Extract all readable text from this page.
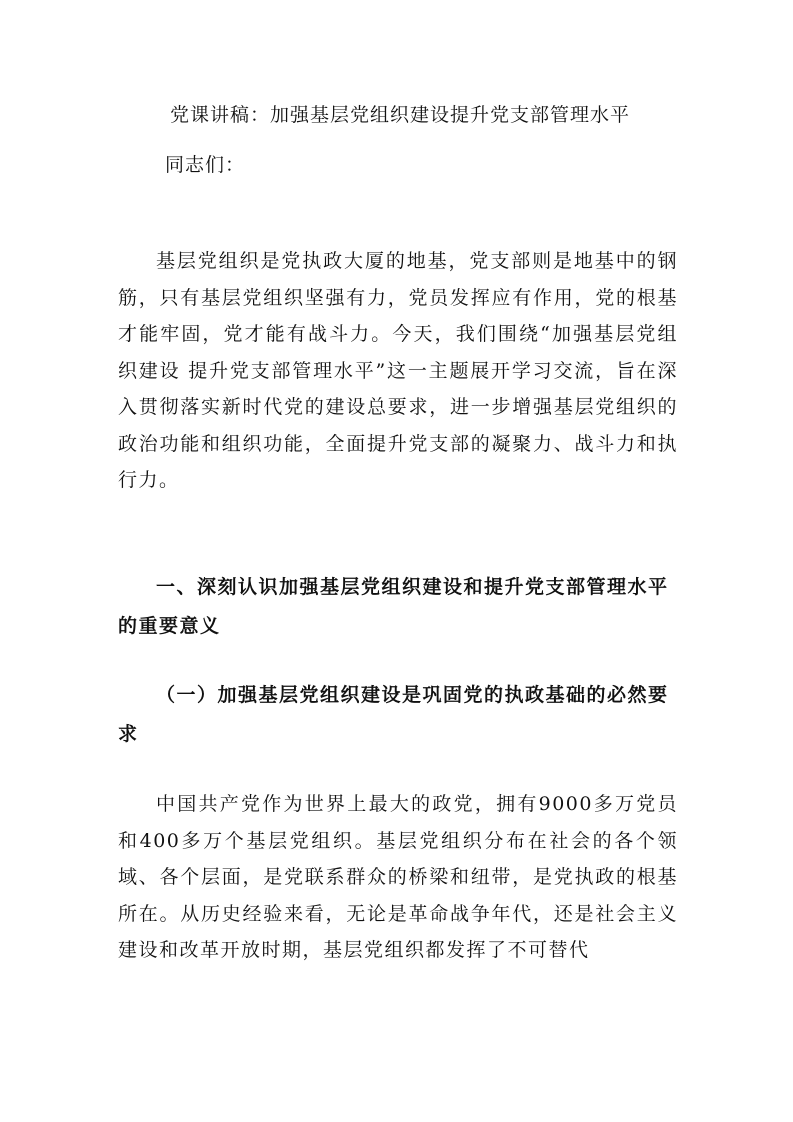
党课讲稿：加强基层党组织建设提升党支部管理水平
同志们：

基层党组织是党执政大厦的地基，党支部则是地基中的钢筋，只有基层党组织坚强有力，党员发挥应有作用，党的根基才能牢固，党才能有战斗力。今天，我们围绕“加强基层党组织建设 提升党支部管理水平”这一主题展开学习交流，旨在深入贯彻落实新时代党的建设总要求，进一步增强基层党组织的政治功能和组织功能，全面提升党支部的凝聚力、战斗力和执行力。

一、深刻认识加强基层党组织建设和提升党支部管理水平的重要意义

（一）加强基层党组织建设是巩固党的执政基础的必然要求

中国共产党作为世界上最大的政党，拥有9000多万党员和400多万个基层党组织。基层党组织分布在社会的各个领域、各个层面，是党联系群众的桥梁和纽带，是党执政的根基所在。从历史经验来看，无论是革命战争年代，还是社会主义建设和改革开放时期，基层党组织都发挥了不可替代
